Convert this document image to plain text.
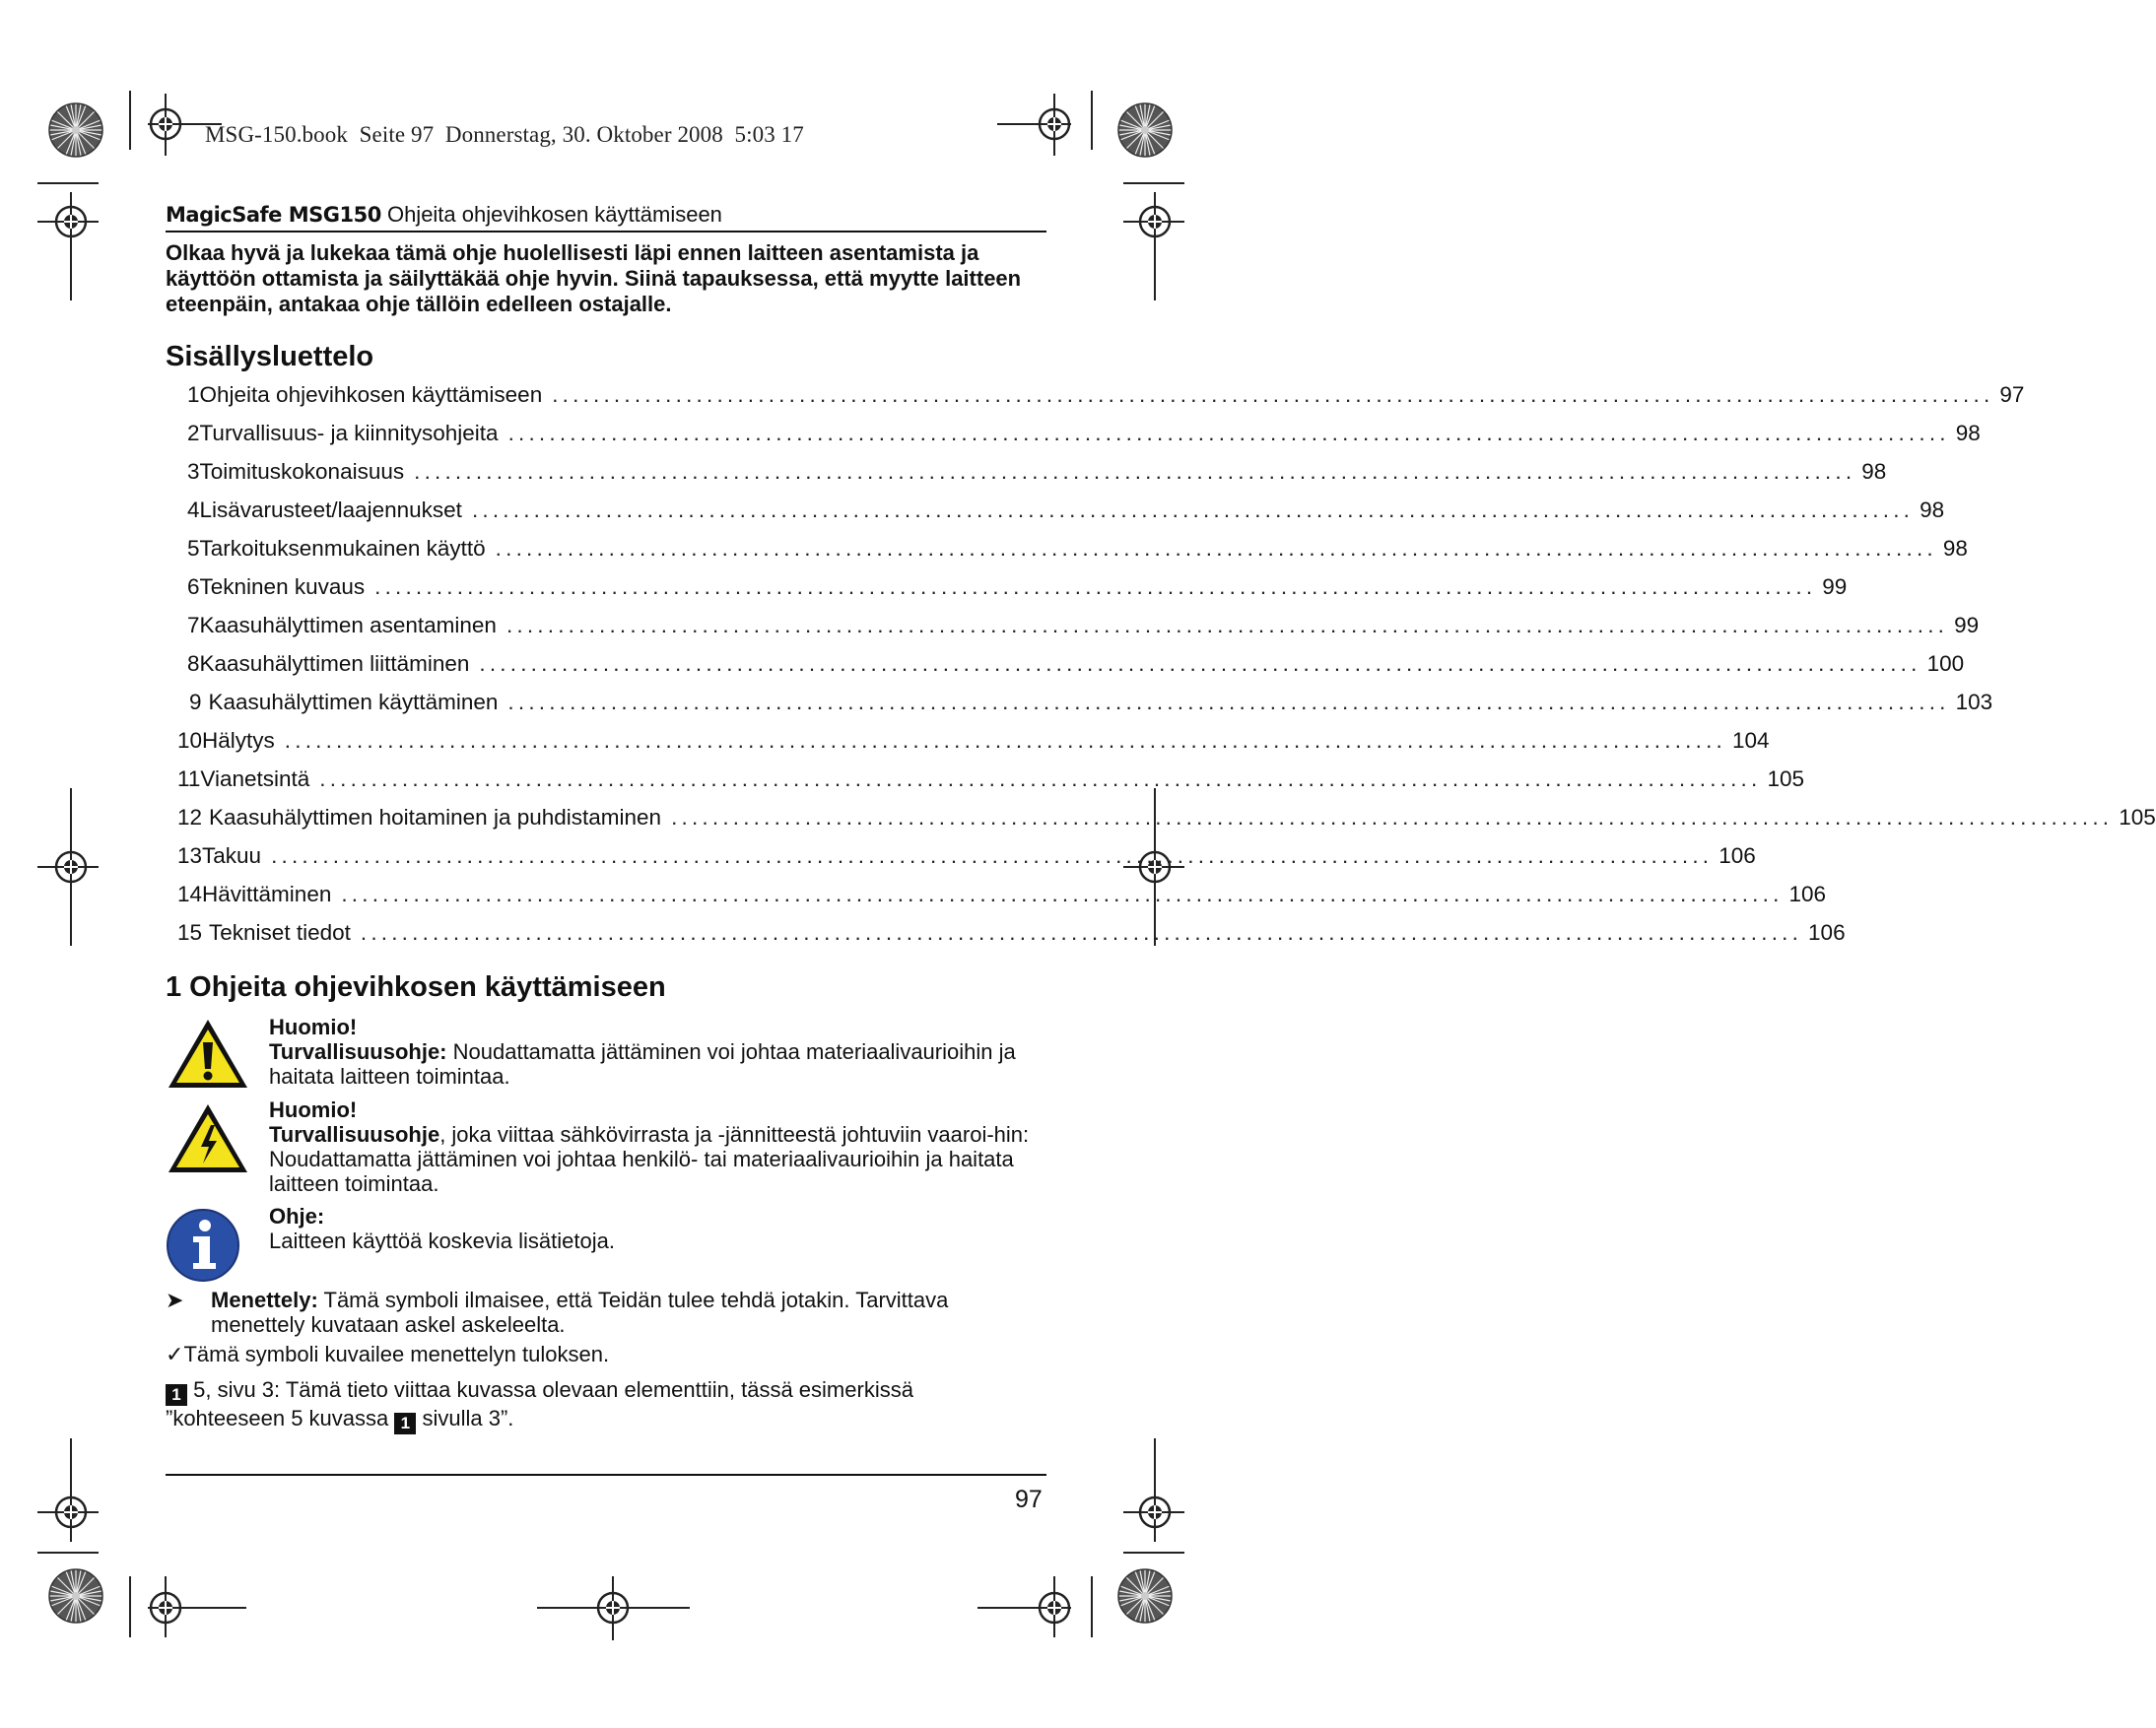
MSG-150.book  Seite 97  Donnerstag, 30. Oktober 2008  5:03 17
MagicSafe MSG150 Ohjeita ohjevihkosen käyttämiseen
Olkaa hyvä ja lukekaa tämä ohje huolellisesti läpi ennen laitteen asentamista ja käyttöön ottamista ja säilyttäkää ohje hyvin. Siinä tapauksessa, että myytte laitteen eteenpäin, antakaa ohje tällöin edelleen ostajalle.
Sisällysluettelo
1 Ohjeita ohjevihkosen käyttämiseen ............................................................................................................................................ 97
2 Turvallisuus- ja kiinnitysohjeita ............................................................................................................................................ 98
3 Toimituskokonaisuus ............................................................................................................................................ 98
4 Lisävarusteet/laajennukset ............................................................................................................................................ 98
5 Tarkoituksenmukainen käyttö ............................................................................................................................................ 98
6 Tekninen kuvaus ............................................................................................................................................ 99
7 Kaasuhälyttimen asentaminen ............................................................................................................................................ 99
8 Kaasuhälyttimen liittäminen ............................................................................................................................................ 100
9 Kaasuhälyttimen käyttäminen ............................................................................................................................................ 103
10 Hälytys ............................................................................................................................................ 104
11 Vianetsintä ............................................................................................................................................ 105
12 Kaasuhälyttimen hoitaminen ja puhdistaminen ............................................................................................................................................ 105
13 Takuu ............................................................................................................................................ 106
14 Hävittäminen ............................................................................................................................................ 106
15 Tekniset tiedot ............................................................................................................................................ 106
1 Ohjeita ohjevihkosen käyttämiseen
Huomio!
Turvallisuusohje: Noudattamatta jättäminen voi johtaa materiaalivaurioihin ja haitata laitteen toimintaa.
Huomio!
Turvallisuusohje, joka viittaa sähkövirrasta ja -jännitteestä johtuviin vaaroi-hin: Noudattamatta jättäminen voi johtaa henkilö- tai materiaalivaurioihin ja haitata laitteen toimintaa.
Ohje:
Laitteen käyttöä koskevia lisätietoja.
➤	Menettely: Tämä symboli ilmaisee, että Teidän tulee tehdä jotakin. Tarvittava menettely kuvataan askel askeleelta.
✓Tämä symboli kuvailee menettelyn tuloksen.
1 5, sivu 3: Tämä tieto viittaa kuvassa olevaan elementtiin, tässä esimerkissä ”kohteeseen 5 kuvassa 1 sivulla 3”.
97
